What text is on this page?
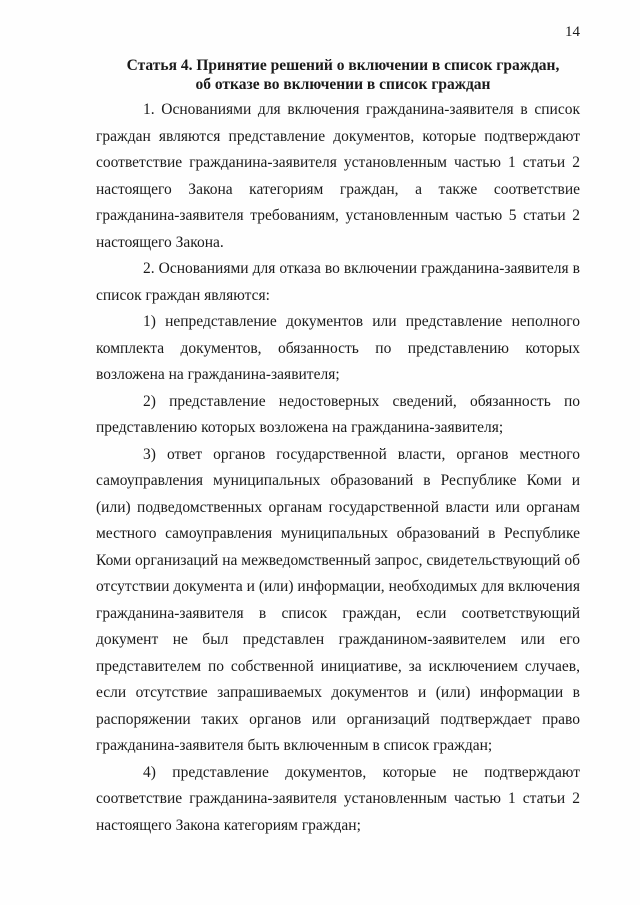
14
Статья 4. Принятие решений о включении в список граждан,
об отказе во включении в список граждан

1. Основаниями для включения гражданина-заявителя в список граждан являются представление документов, которые подтверждают соответствие гражданина-заявителя установленным частью 1 статьи 2 настоящего Закона категориям граждан, а также соответствие гражданина-заявителя требованиям, установленным частью 5 статьи 2 настоящего Закона.

2. Основаниями для отказа во включении гражданина-заявителя в список граждан являются:

1) непредставление документов или представление неполного комплекта документов, обязанность по представлению которых возложена на гражданина-заявителя;

2) представление недостоверных сведений, обязанность по представлению которых возложена на гражданина-заявителя;

3) ответ органов государственной власти, органов местного самоуправления муниципальных образований в Республике Коми и (или) подведомственных органам государственной власти или органам местного самоуправления муниципальных образований в Республике Коми организаций на межведомственный запрос, свидетельствующий об отсутствии документа и (или) информации, необходимых для включения гражданина-заявителя в список граждан, если соответствующий документ не был представлен гражданином-заявителем или его представителем по собственной инициативе, за исключением случаев, если отсутствие запрашиваемых документов и (или) информации в распоряжении таких органов или организаций подтверждает право гражданина-заявителя быть включенным в список граждан;

4) представление документов, которые не подтверждают соответствие гражданина-заявителя установленным частью 1 статьи 2 настоящего Закона категориям граждан;
